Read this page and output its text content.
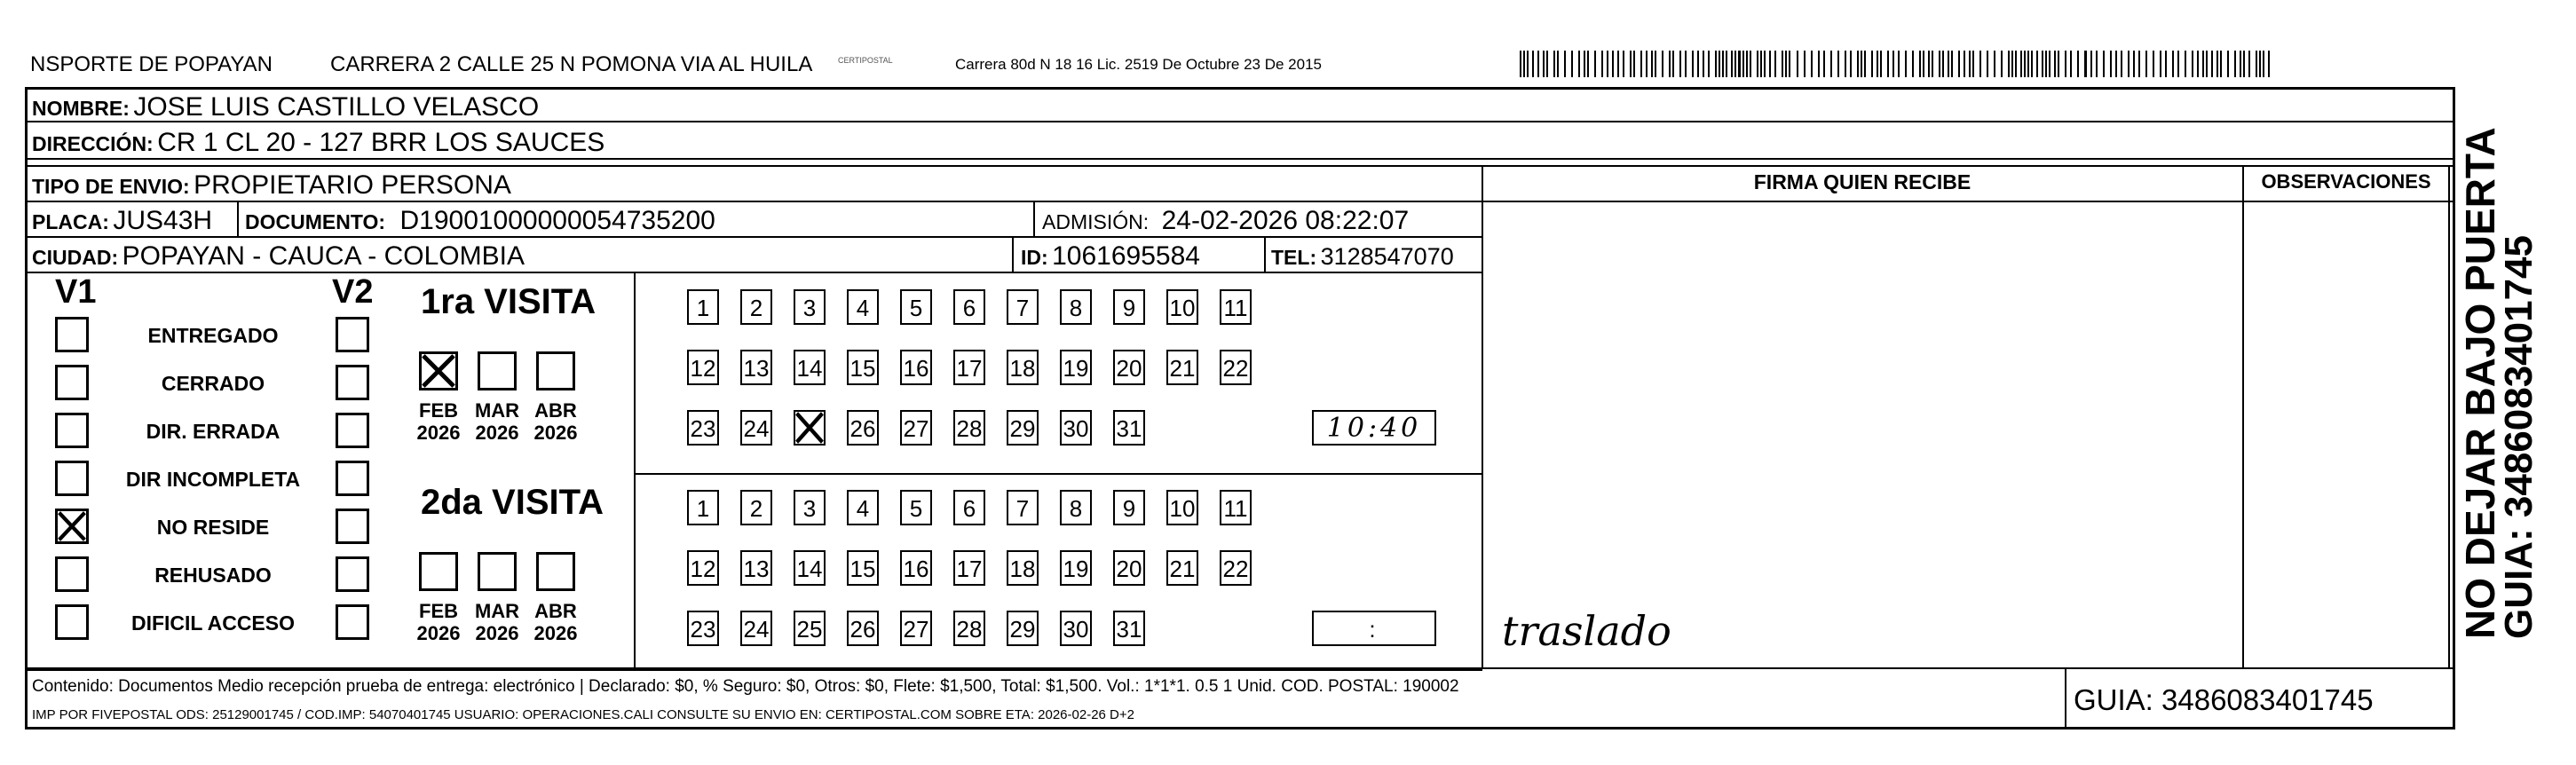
NSPORTE DE POPAYAN	CARRERA 2 CALLE 25 N POMONA VIA AL HUILA	CERTIPOSTAL	Carrera 80d N 18 16 Lic. 2519 De Octubre 23 De 2015
NOMBRE: JOSE LUIS CASTILLO VELASCO
DIRECCIÓN: CR 1 CL 20 - 127 BRR LOS SAUCES
TIPO DE ENVIO: PROPIETARIO PERSONA
PLACA: JUS43H DOCUMENTO: D19001000000054735200	ADMISIÓN: 24-02-2026 08:22:07
CIUDAD: POPAYAN - CAUCA - COLOMBIA	ID: 1061695584	TEL: 3128547070
FIRMA QUIEN RECIBE	OBSERVACIONES
traslado
V1	V2
ENTREGADO
CERRADO
DIR. ERRADA
DIR INCOMPLETA
NO RESIDE
REHUSADO
DIFICIL ACCESO
1ra VISITA
2da VISITA
FEB
2026
MAR
2026
ABR
2026
1	2	3	4	5	6	7	8	9	10 11
12 13 14 15 16 17 18 19 20 21 22
23 24	26 27 28 29 30 31	10:40
FEB
2026
MAR
2026
ABR
2026
1	2	3	4	5	6	7	8	9	10 11
12 13 14 15 16 17 18 19 20 21 22
23 24 25 26 27 28 29 30 31	:
Contenido: Documentos Medio recepción prueba de entrega: electrónico | Declarado: $0, % Seguro: $0, Otros: $0, Flete: $1,500, Total: $1,500. Vol.: 1*1*1. 0.5 1 Unid. COD. POSTAL: 190002
IMP POR FIVEPOSTAL ODS: 25129001745 / COD.IMP: 54070401745 USUARIO: OPERACIONES.CALI CONSULTE SU ENVIO EN: CERTIPOSTAL.COM SOBRE ETA: 2026-02-26 D+2	GUIA: 3486083401745
NO DEJAR BAJO PUERTA
GUIA: 3486083401745
